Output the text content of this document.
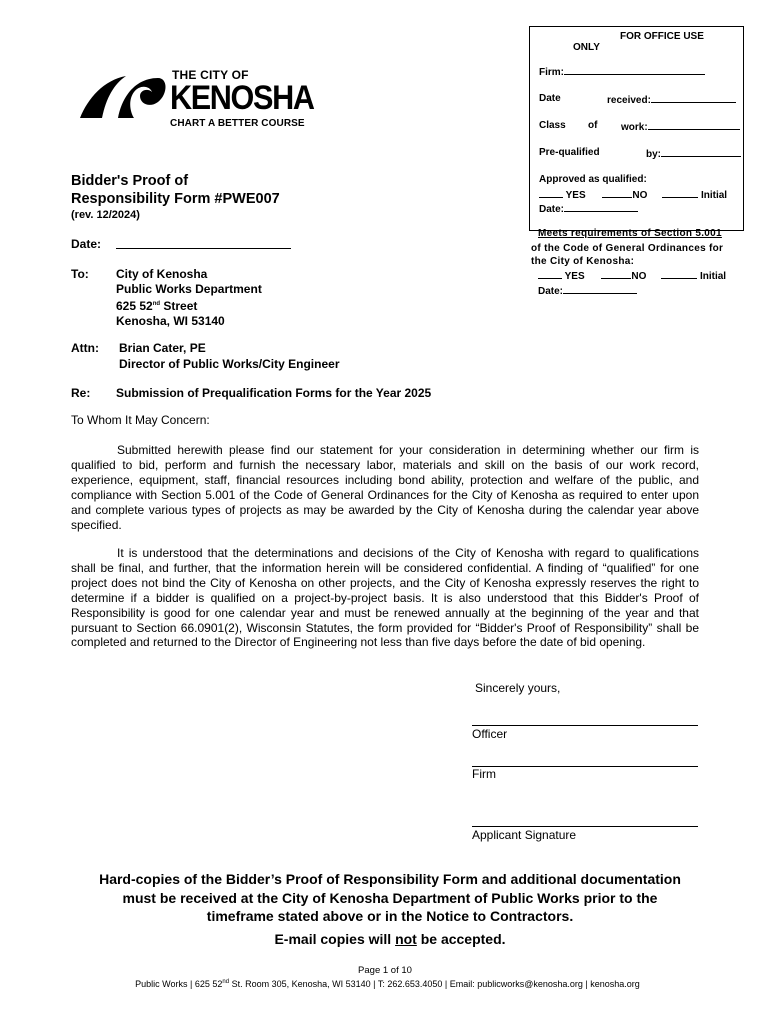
THE CITY OF
KENOSHA
CHART A BETTER COURSE
FOR OFFICE USE
ONLY
Firm:
Date	received:
Class of work:
Pre-qualified	by:
Approved as qualified:
YES	NO	Initial
Date:
Meets requirements of Section 5.001
of the Code of General Ordinances for
the City of Kenosha:
YES	NO	Initial
Date:
Bidder's Proof of
Responsibility Form #PWE007
(rev. 12/2024)
Date:
To: City of Kenosha
Public Works Department
625 52nd Street
Kenosha, WI 53140
Attn: Brian Cater, PE
Director of Public Works/City Engineer
Re: Submission of Prequalification Forms for the Year 2025
To Whom It May Concern:
Submitted herewith please find our statement for your consideration in determining whether our firm is qualified to bid, perform and furnish the necessary labor, materials and skill on the basis of our work record, experience, equipment, staff, financial resources including bond ability, protection and welfare of the public, and compliance with Section 5.001 of the Code of General Ordinances for the City of Kenosha as required to enter upon and complete various types of projects as may be awarded by the City of Kenosha during the calendar year above specified.
It is understood that the determinations and decisions of the City of Kenosha with regard to qualifications shall be final, and further, that the information herein will be considered confidential. A finding of “qualified” for one project does not bind the City of Kenosha on other projects, and the City of Kenosha expressly reserves the right to determine if a bidder is qualified on a project-by-project basis. It is also understood that this Bidder's Proof of Responsibility is good for one calendar year and must be renewed annually at the beginning of the year and that pursuant to Section 66.0901(2), Wisconsin Statutes, the form provided for “Bidder's Proof of Responsibility” shall be completed and returned to the Director of Engineering not less than five days before the date of bid opening.
Sincerely yours,
Officer
Firm
Applicant Signature
Hard-copies of the Bidder’s Proof of Responsibility Form and additional documentation
must be received at the City of Kenosha Department of Public Works prior to the
timeframe stated above or in the Notice to Contractors.
E-mail copies will not be accepted.
Page 1 of 10
Public Works | 625 52nd St. Room 305, Kenosha, WI 53140 | T: 262.653.4050 | Email: publicworks@kenosha.org | kenosha.org
